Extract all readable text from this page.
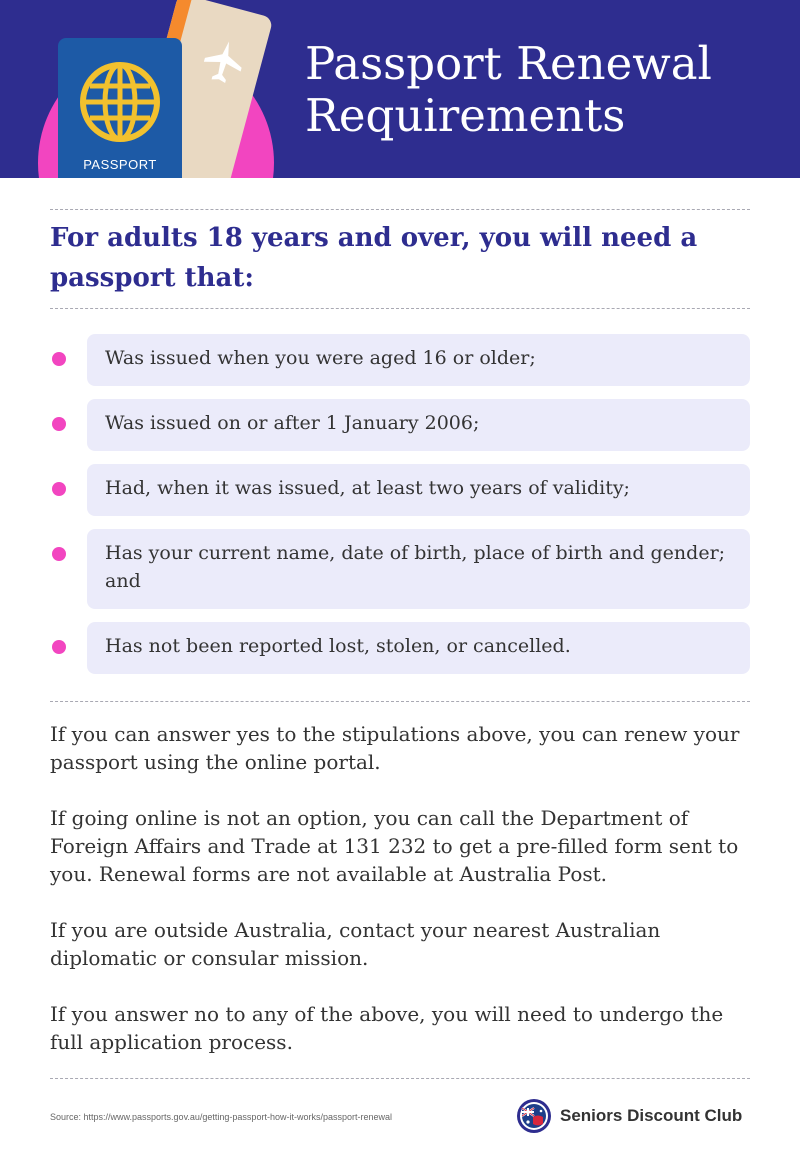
PASSPORT
Passport Renewal Requirements
For adults 18 years and over, you will need a passport that:
Was issued when you were aged 16 or older;
Was issued on or after 1 January 2006;
Had, when it was issued, at least two years of validity;
Has your current name, date of birth, place of birth and gender; and
Has not been reported lost, stolen, or cancelled.

If you can answer yes to the stipulations above, you can renew your passport using the online portal.

If going online is not an option, you can call the Department of Foreign Affairs and Trade at 131 232 to get a pre-filled form sent to you. Renewal forms are not available at Australia Post.

If you are outside Australia, contact your nearest Australian diplomatic or consular mission.

If you answer no to any of the above, you will need to undergo the full application process.

Source: https://www.passports.gov.au/getting-passport-how-it-works/passport-renewal	Seniors Discount Club
